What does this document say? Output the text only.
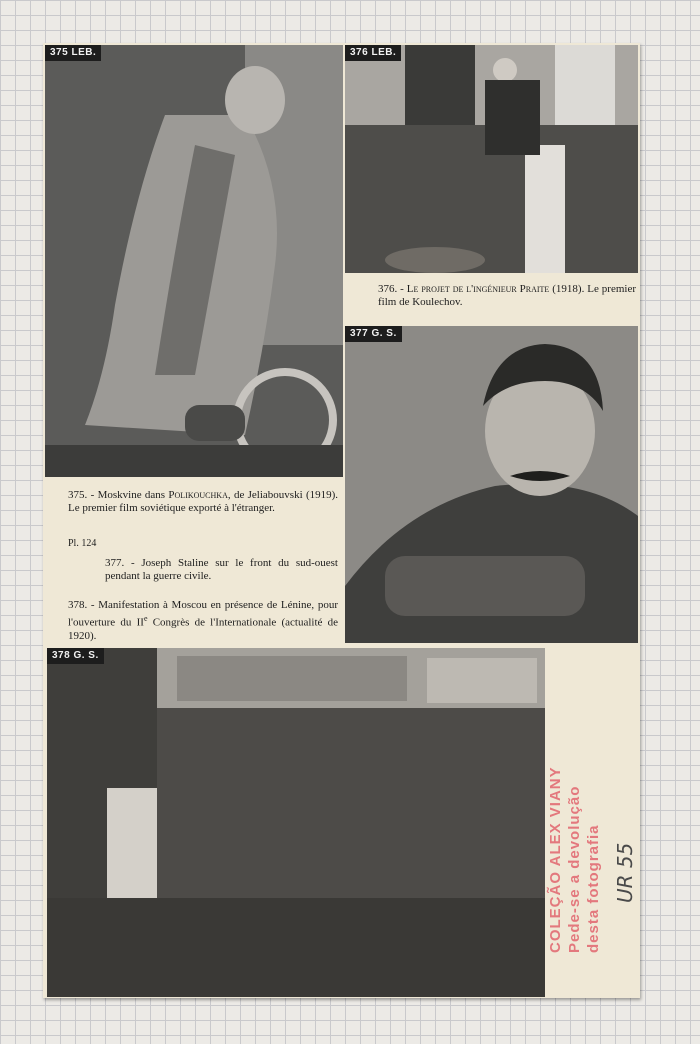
375 LEB.	376 LEB.
376. - Le projet de l'ingénieur Praite (1918). Le premier film de Koulechov.
377 G. S.
375. - Moskvine dans Polikouchka, de Jeliabouvski (1919). Le premier film soviétique exporté à l'étranger.
Pl. 124
377. - Joseph Staline sur le front du sud-ouest pendant la guerre civile.
378. - Manifestation à Moscou en présence de Lénine, pour l'ouverture du IIe Congrès de l'Internationale (actualité de 1920).
378 G. S.
COLEÇÃO ALEX VIANY Pede-se a devolução desta fotografia UR 55
